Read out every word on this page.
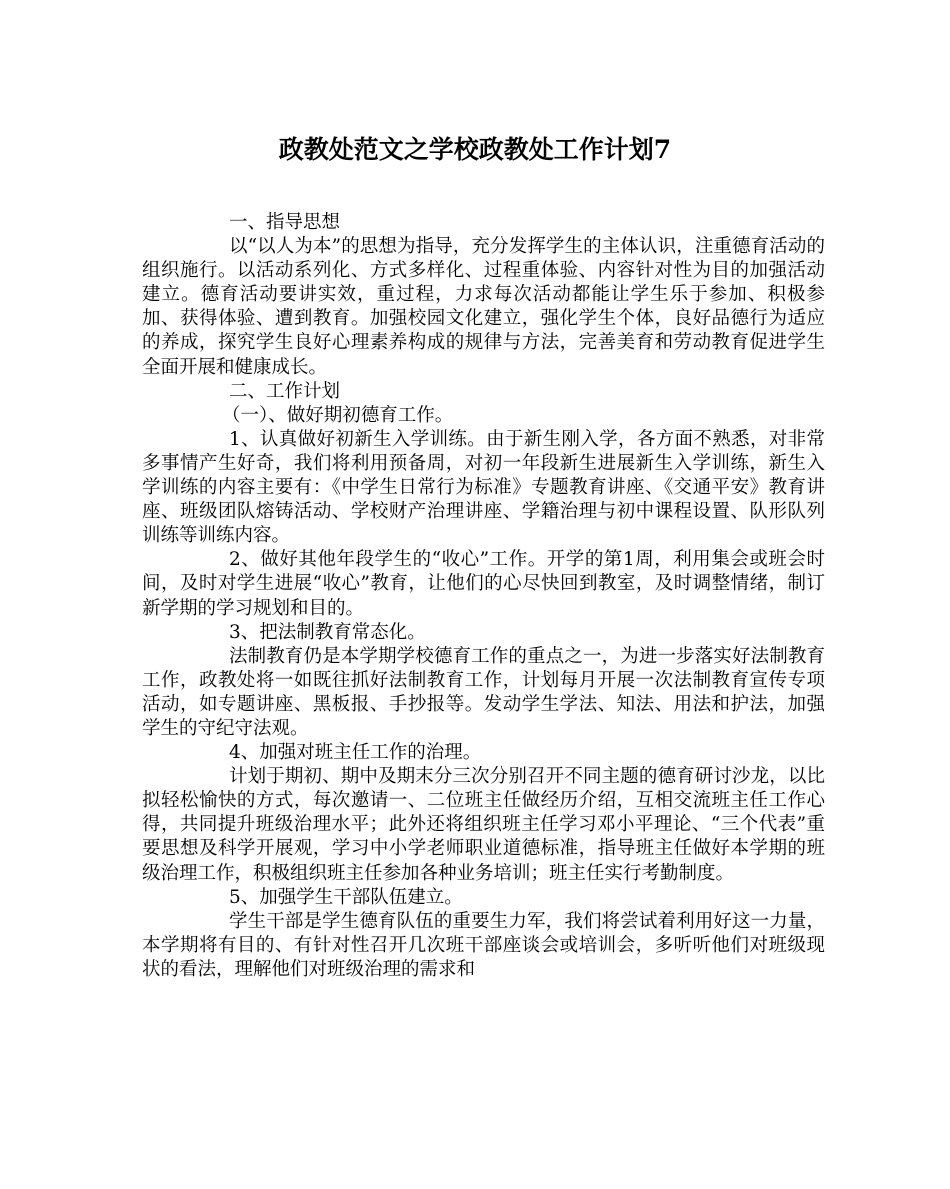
政教处范文之学校政教处工作计划7

一、指导思想

以“以人为本”的思想为指导，充分发挥学生的主体认识，注重德育活动的组织施行。以活动系列化、方式多样化、过程重体验、内容针对性为目的加强活动建立。德育活动要讲实效，重过程，力求每次活动都能让学生乐于参加、积极参加、获得体验、遭到教育。加强校园文化建立，强化学生个体，良好品德行为适应的养成，探究学生良好心理素养构成的规律与方法，完善美育和劳动教育促进学生全面开展和健康成长。

二、工作计划

（一）、做好期初德育工作。

1、认真做好初新生入学训练。由于新生刚入学，各方面不熟悉，对非常多事情产生好奇，我们将利用预备周，对初一年段新生进展新生入学训练，新生入学训练的内容主要有：《中学生日常行为标准》专题教育讲座、《交通平安》教育讲座、班级团队熔铸活动、学校财产治理讲座、学籍治理与初中课程设置、队形队列训练等训练内容。

2、做好其他年段学生的“收心”工作。开学的第1周，利用集会或班会时间，及时对学生进展“收心”教育，让他们的心尽快回到教室，及时调整情绪，制订新学期的学习规划和目的。

3、把法制教育常态化。

法制教育仍是本学期学校德育工作的重点之一，为进一步落实好法制教育工作，政教处将一如既往抓好法制教育工作，计划每月开展一次法制教育宣传专项活动，如专题讲座、黑板报、手抄报等。发动学生学法、知法、用法和护法，加强学生的守纪守法观。

4、加强对班主任工作的治理。

计划于期初、期中及期末分三次分别召开不同主题的德育研讨沙龙，以比拟轻松愉快的方式，每次邀请一、二位班主任做经历介绍，互相交流班主任工作心得，共同提升班级治理水平；此外还将组织班主任学习邓小平理论、“三个代表”重要思想及科学开展观，学习中小学老师职业道德标准，指导班主任做好本学期的班级治理工作，积极组织班主任参加各种业务培训；班主任实行考勤制度。

5、加强学生干部队伍建立。

学生干部是学生德育队伍的重要生力军，我们将尝试着利用好这一力量，本学期将有目的、有针对性召开几次班干部座谈会或培训会，多听听他们对班级现状的看法，理解他们对班级治理的需求和
